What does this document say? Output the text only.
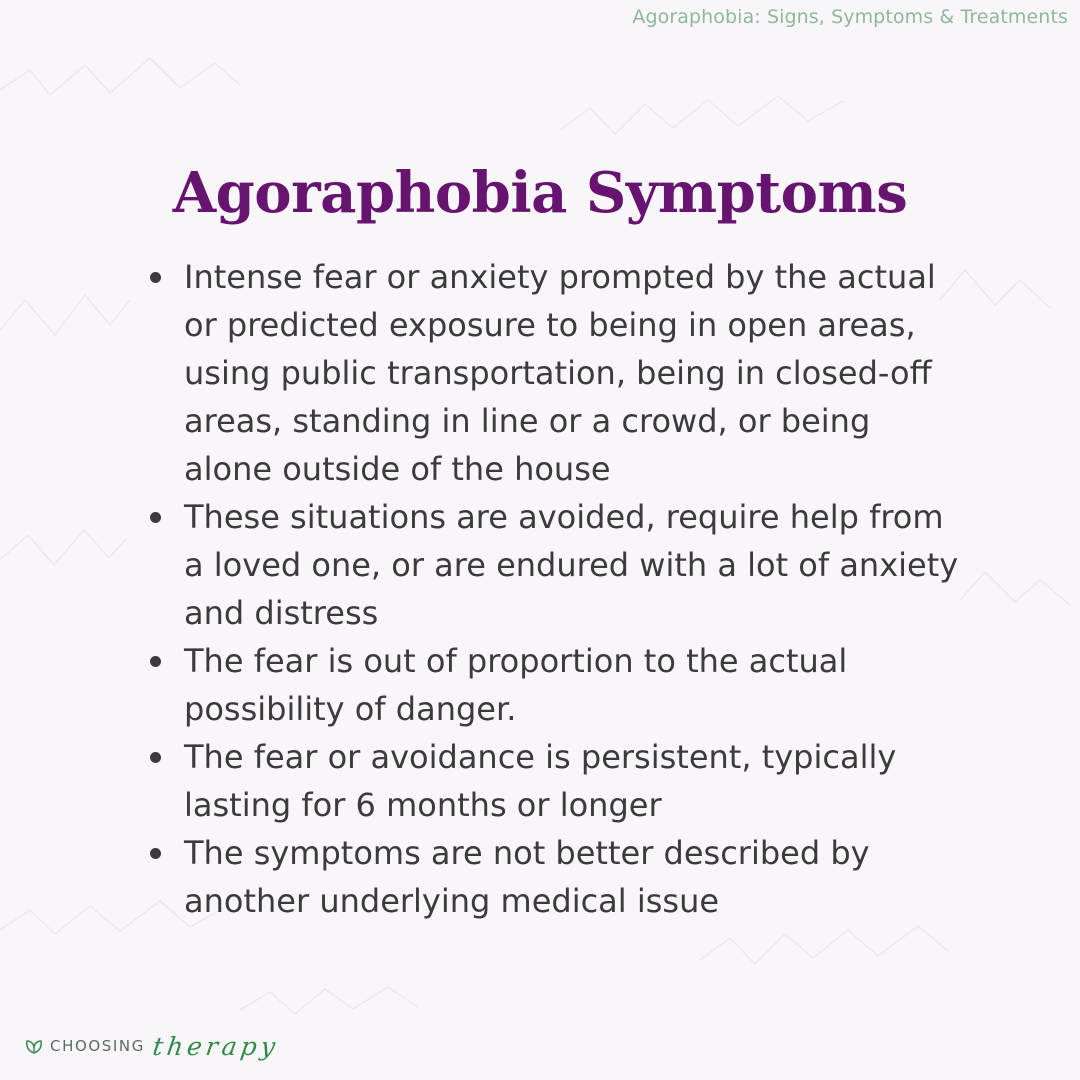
Agoraphobia: Signs, Symptoms & Treatments
Agoraphobia Symptoms
Intense fear or anxiety prompted by the actual or predicted exposure to being in open areas, using public transportation, being in closed-off areas, standing in line or a crowd, or being alone outside of the house
These situations are avoided, require help from a loved one, or are endured with a lot of anxiety and distress
The fear is out of proportion to the actual possibility of danger.
The fear or avoidance is persistent, typically lasting for 6 months or longer
The symptoms are not better described by another underlying medical issue
CHOOSING therapy
